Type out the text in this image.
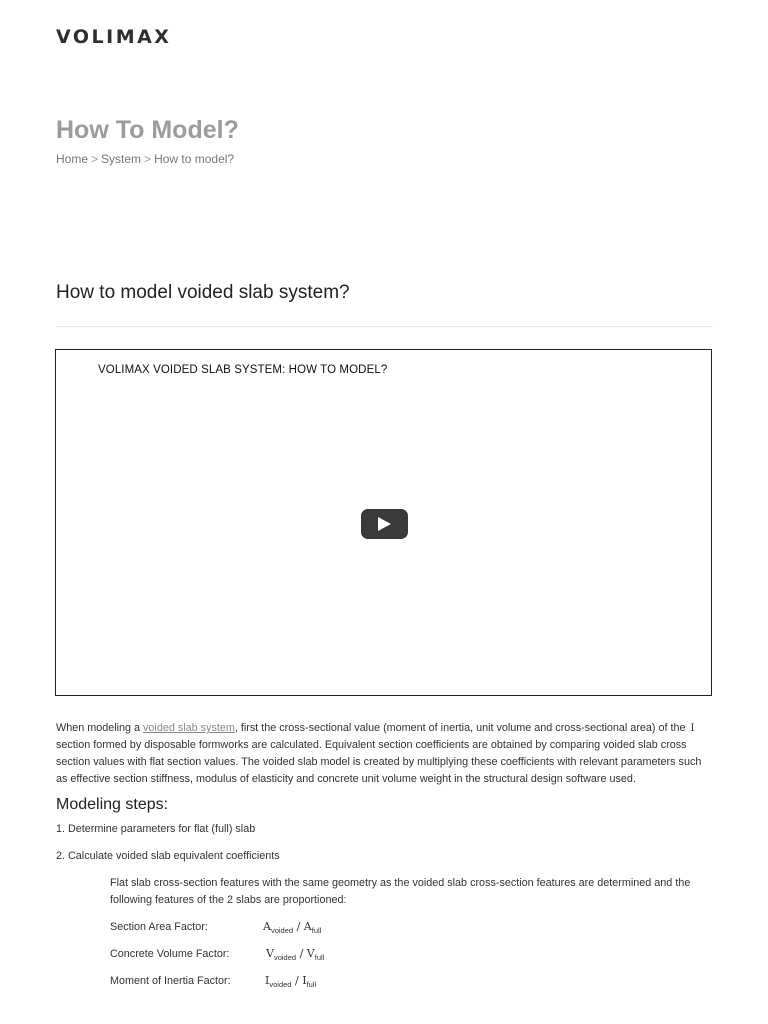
VOLIMAX
How To Model?
Home > System > How to model?
How to model voided slab system?
VOLIMAX VOIDED SLAB SYSTEM: HOW TO MODEL?

When modeling a voided slab system, first the cross-sectional value (moment of inertia, unit volume and cross-sectional area) of the I section formed by disposable formworks are calculated. Equivalent section coefficients are obtained by comparing voided slab cross section values with flat section values. The voided slab model is created by multiplying these coefficients with relevant parameters such as effective section stiffness, modulus of elasticity and concrete unit volume weight in the structural design software used.

Modeling steps:

1. Determine parameters for flat (full) slab

2. Calculate voided slab equivalent coefficients

Flat slab cross-section features with the same geometry as the voided slab cross-section features are determined and the following features of the 2 slabs are proportioned:

Section Area Factor:	$A_{voided} / A_{full}$
Concrete Volume Factor:	$V_{voided} / V_{full}$
Moment of Inertia Factor:	$I_{voided} / I_{full}$
